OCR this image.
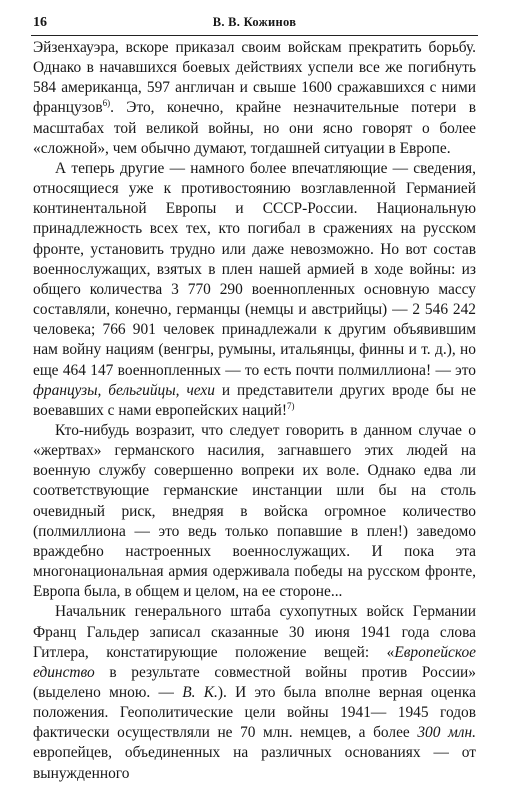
16	В. В. Кожинов

Эйзенхауэра, вскоре приказал своим войскам прекратить борьбу. Однако в начавшихся боевых действиях успели все же погибнуть 584 американца, 597 англичан и свыше 1600 сражавшихся с ними французов$^{6)}$. Это, конечно, крайне незначительные потери в масштабах той великой войны, но они ясно говорят о более «сложной», чем обычно думают, тогдашней ситуации в Европе.

А теперь другие — намного более впечатляющие — сведения, относящиеся уже к противостоянию возглавленной Германией континентальной Европы и СССР-России. Национальную принадлежность всех тех, кто погибал в сражениях на русском фронте, установить трудно или даже невозможно. Но вот состав военнослужащих, взятых в плен нашей армией в ходе войны: из общего количества 3 770 290 военнопленных основную массу составляли, конечно, германцы (немцы и австрийцы) — 2 546 242 человека; 766 901 человек принадлежали к другим объявившим нам войну нациям (венгры, румыны, итальянцы, финны и т. д.), но еще 464 147 военнопленных — то есть почти полмиллиона! — это французы, бельгийцы, чехи и представители других вроде бы не воевавших с нами европейских наций!$^{7)}$

Кто-нибудь возразит, что следует говорить в данном случае о «жертвах» германского насилия, загнавшего этих людей на военную службу совершенно вопреки их воле. Однако едва ли соответствующие германские инстанции шли бы на столь очевидный риск, внедряя в войска огромное количество (полмиллиона — это ведь только попавшие в плен!) заведомо враждебно настроенных военнослужащих. И пока эта многонациональная армия одерживала победы на русском фронте, Европа была, в общем и целом, на ее стороне...

Начальник генерального штаба сухопутных войск Германии Франц Гальдер записал сказанные 30 июня 1941 года слова Гитлера, констатирующие положение вещей: «Европейское единство в результате совместной войны против России» (выделено мною. — В. К.). И это была вполне верная оценка положения. Геополитические цели войны 1941— 1945 годов фактически осуществляли не 70 млн. немцев, а более 300 млн. европейцев, объединенных на различных основаниях — от вынужденного
